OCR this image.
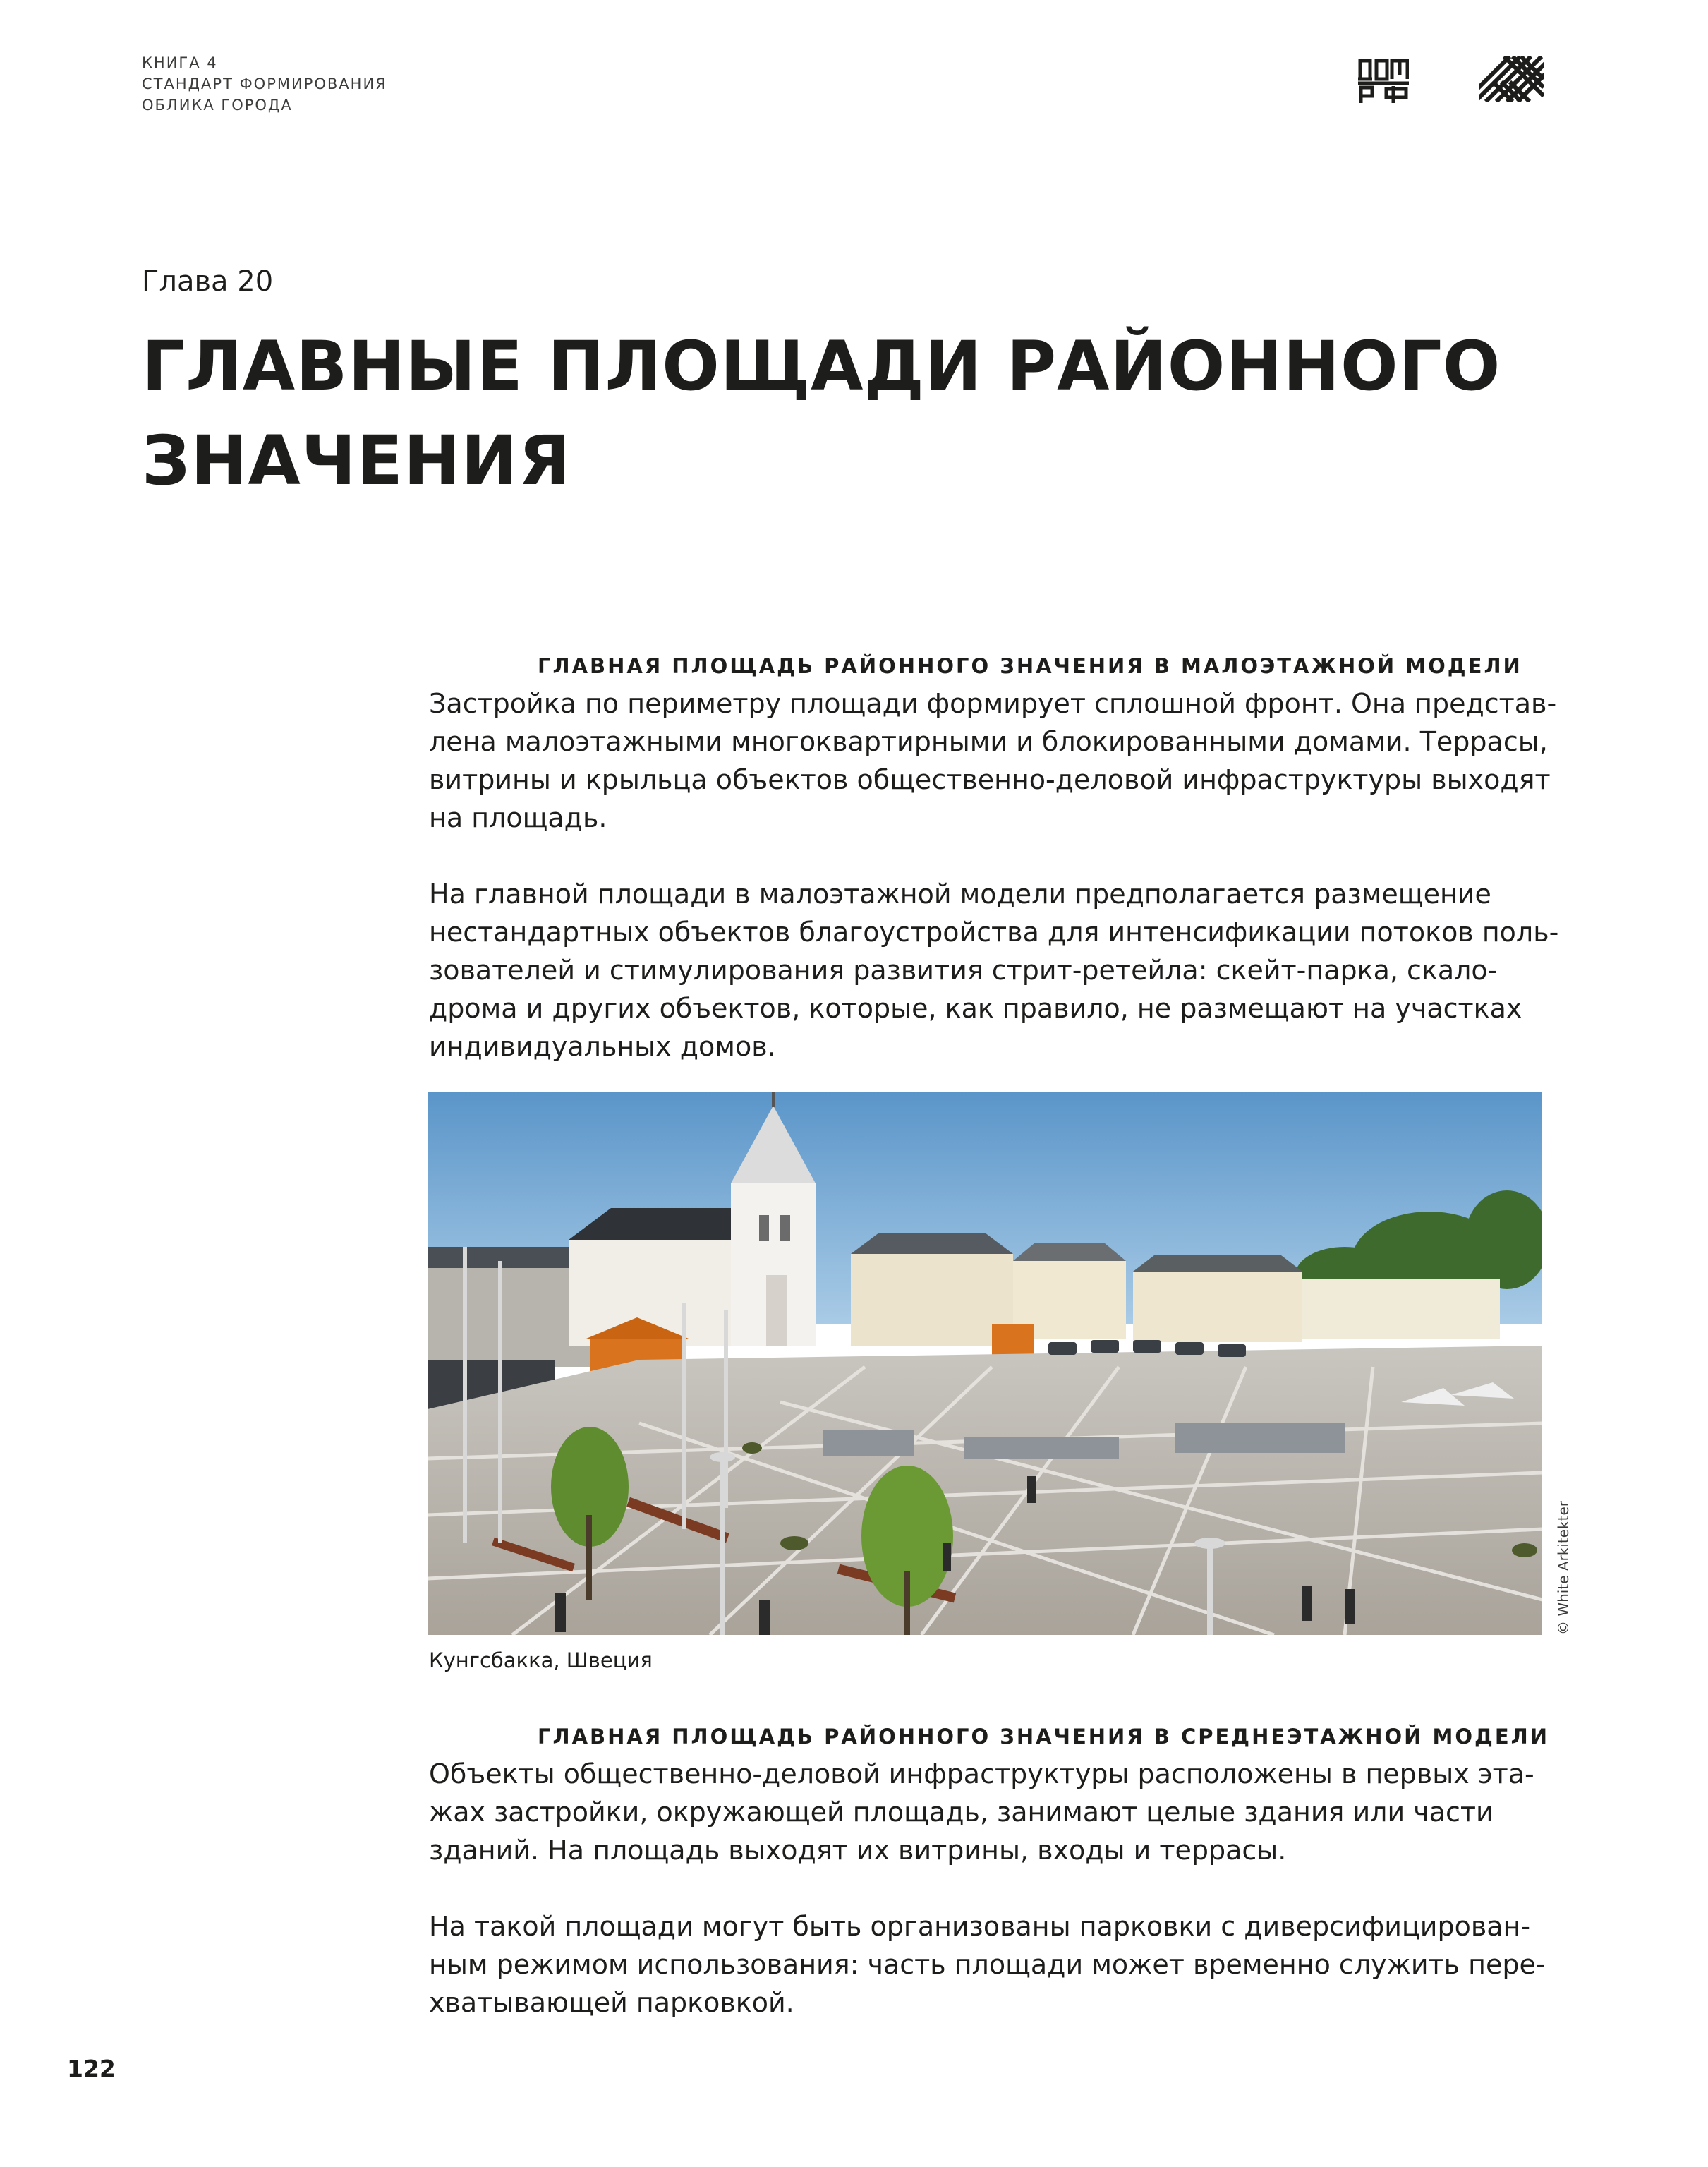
КНИГА 4
СТАНДАРТ ФОРМИРОВАНИЯ
ОБЛИКА ГОРОДА
Глава 20
ГЛАВНЫЕ ПЛОЩАДИ РАЙОННОГО
ЗНАЧЕНИЯ
ГЛАВНАЯ ПЛОЩАДЬ РАЙОННОГО ЗНАЧЕНИЯ В МАЛОЭТАЖНОЙ МОДЕЛИ
Застройка по периметру площади формирует сплошной фронт. Она представ-
лена малоэтажными многоквартирными и блокированными домами. Террасы,
витрины и крыльца объектов общественно-деловой инфраструктуры выходят
на площадь.
На главной площади в малоэтажной модели предполагается размещение
нестандартных объектов благоустройства для интенсификации потоков поль-
зователей и стимулирования развития стрит-ретейла: скейт-парка, скало-
дрома и других объектов, которые, как правило, не размещают на участках
индивидуальных домов.
© White Arkitekter
Кунгсбакка, Швеция
ГЛАВНАЯ ПЛОЩАДЬ РАЙОННОГО ЗНАЧЕНИЯ В СРЕДНЕЭТАЖНОЙ МОДЕЛИ
Объекты общественно-деловой инфраструктуры расположены в первых эта-
жах застройки, окружающей площадь, занимают целые здания или части
зданий. На площадь выходят их витрины, входы и террасы.
На такой площади могут быть организованы парковки с диверсифицирован-
ным режимом использования: часть площади может временно служить пере-
хватывающей парковкой.
122
